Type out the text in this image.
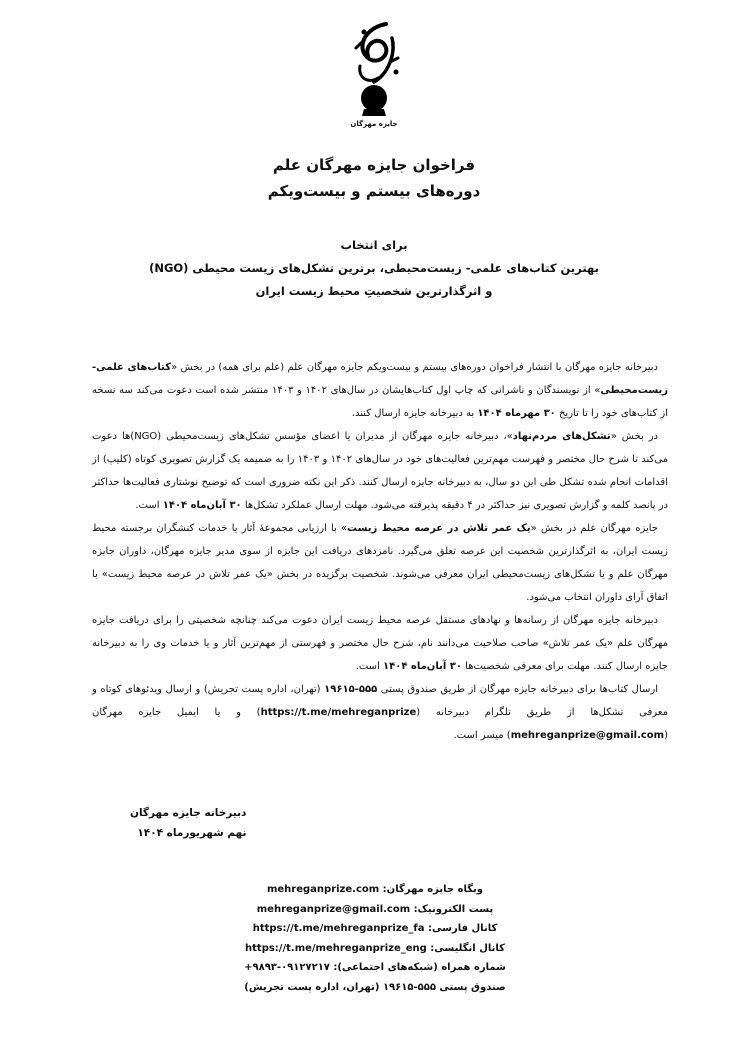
جایزه مهرگان
فراخوان جایزه مهرگان علم
دوره‌های بیستم و بیست‌ویکم
برای انتخاب
بهترین کتاب‌های علمی- زیست‌محیطی، برترین تشکل‌های زیست محیطی (NGO)
و اثرگذارترین شخصیتِ محیط زیست ایران

دبیرخانه جایزه مهرگان با انتشار فراخوان دوره‌های بیستم و بیست‌ویکم جایزه مهرگان علم (علم برای همه) در بخش «کتاب‌های علمی-زیست‌محیطی» از نویسندگان و ناشرانی که چاپ اول کتاب‌هایشان در سال‌های ۱۴۰۲ و ۱۴۰۳ منتشر شده است دعوت می‌کند سه نسخه از کتاب‌های خود را تا تاریخ ۳۰ مهرماه ۱۴۰۴ به دبیرخانه جایزه ارسال کنند.

در بخش «تشکل‌های مردم‌نهاد»، دبیرخانه جایزه مهرگان از مدیران یا اعضای مؤسس تشکل‌های زیست‌محیطی (NGO)ها دعوت می‌کند تا شرح حال مختصر و فهرست مهم‌ترین فعالیت‌های خود در سال‌های ۱۴۰۲ و ۱۴۰۳ را به ضمیمه یک گزارش تصویری کوتاه (کلیپ) از اقدامات انجام شده تشکل طی این دو سال، به دبیرخانه جایزه ارسال کنند. ذکر این نکته ضروری است که توضیح نوشتاری فعالیت‌ها حداکثر در پانصد کلمه و گزارش تصویری نیز حداکثر در ۴ دقیقه پذیرفته می‌شود. مهلت ارسال عملکرد تشکل‌ها ۳۰ آبان‌ماه ۱۴۰۴ است.

جایزه مهرگان علم در بخش «یک عمر تلاش در عرصه محیط زیست» با ارزیابی مجموعهٔ آثار یا خدمات کنشگران برجسته محیط زیست ایران، به اثرگذارترین شخصیت این عرصه تعلق می‌گیرد. نامزدهای دریافت این جایزه از سوی مدیر جایزه مهرگان، داوران جایزه مهرگان علم و یا تشکل‌های زیست‌محیطی ایران معرفی می‌شوند. شخصیت برگزیده در بخش «یک عمر تلاش در عرصه محیط زیست» با اتفاق آرای داوران انتخاب می‌شود.

دبیرخانه جایزه مهرگان از رسانه‌ها و نهادهای مستقل عرصه محیط زیست ایران دعوت می‌کند چنانچه شخصیتی را برای دریافت جایزه مهرگان علم «یک عمر تلاش» صاحب صلاحیت می‌دانند نام، شرح حال مختصر و فهرستی از مهم‌ترین آثار و یا خدمات وی را به دبیرخانه جایزه ارسال کنند. مهلت برای معرفی شخصیت‌ها ۳۰ آبان‌ماه ۱۴۰۴ است.

ارسال کتاب‌ها برای دبیرخانه جایزه مهرگان از طریق صندوق پستی ۵۵۵-۱۹۶۱۵ (تهران، اداره پست تجریش) و ارسال ویدئوهای کوتاه و معرفی تشکل‌ها از طریق تلگرام دبیرخانه (https://t.me/mehreganprize) و یا ایمیل جایزه مهرگان (mehreganprize@gmail.com) میسر است.

دبیرخانه جایزه مهرگان
نهم شهریورماه ۱۴۰۴
وبگاه جایزه مهرگان: mehreganprize.com
پست الکترونیک: mehreganprize@gmail.com
کانال فارسی: https://t.me/mehreganprize_fa
کانال انگلیسی: https://t.me/mehreganprize_eng
شماره همراه (شبکه‌های اجتماعی): ۰۹۱۲۷۲۱۷-۹۸۹۳+
صندوق پستی ۵۵۵-۱۹۶۱۵ (تهران، اداره پست تجریش)
